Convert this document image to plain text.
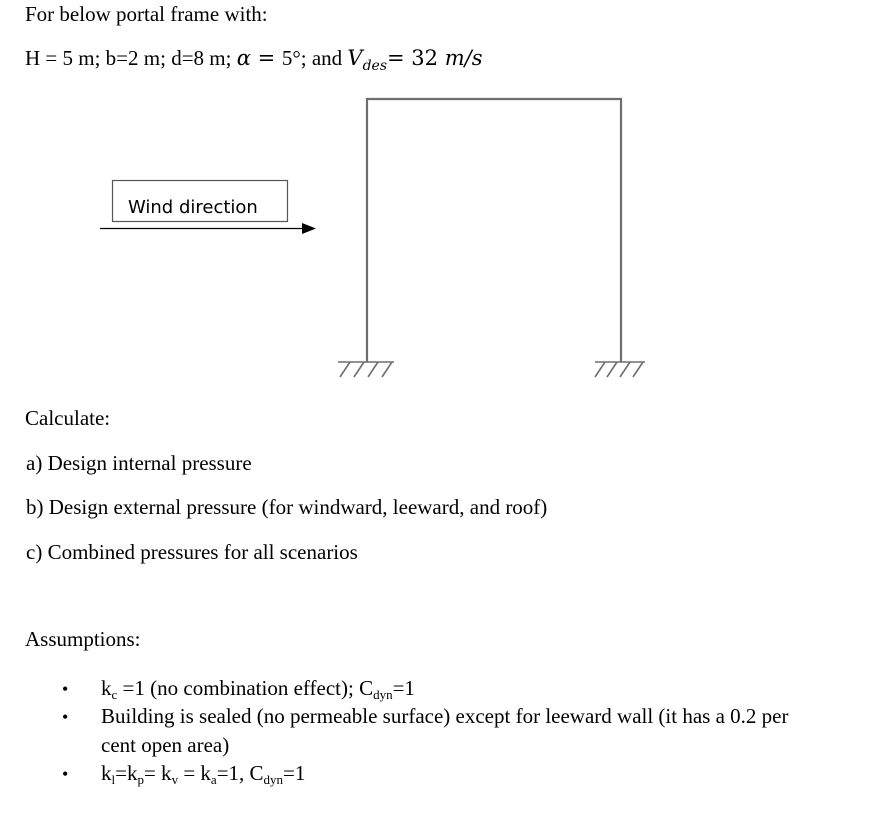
For below portal frame with:
H = 5 m; b=2 m; d=8 m; α = 5°; and $V_{des}= 32$ m/s
Wind direction
Calculate:
a) Design internal pressure
b) Design external pressure (for windward, leeward, and roof)
c) Combined pressures for all scenarios
Assumptions:
• $k_c =1$ (no combination effect); $C_{dyn}=1$
• Building is sealed (no permeable surface) except for leeward wall (it has a 0.2 per
cent open area)
• $k_l=k_p= k_v = k_a=1$, $C_{dyn}=1$
